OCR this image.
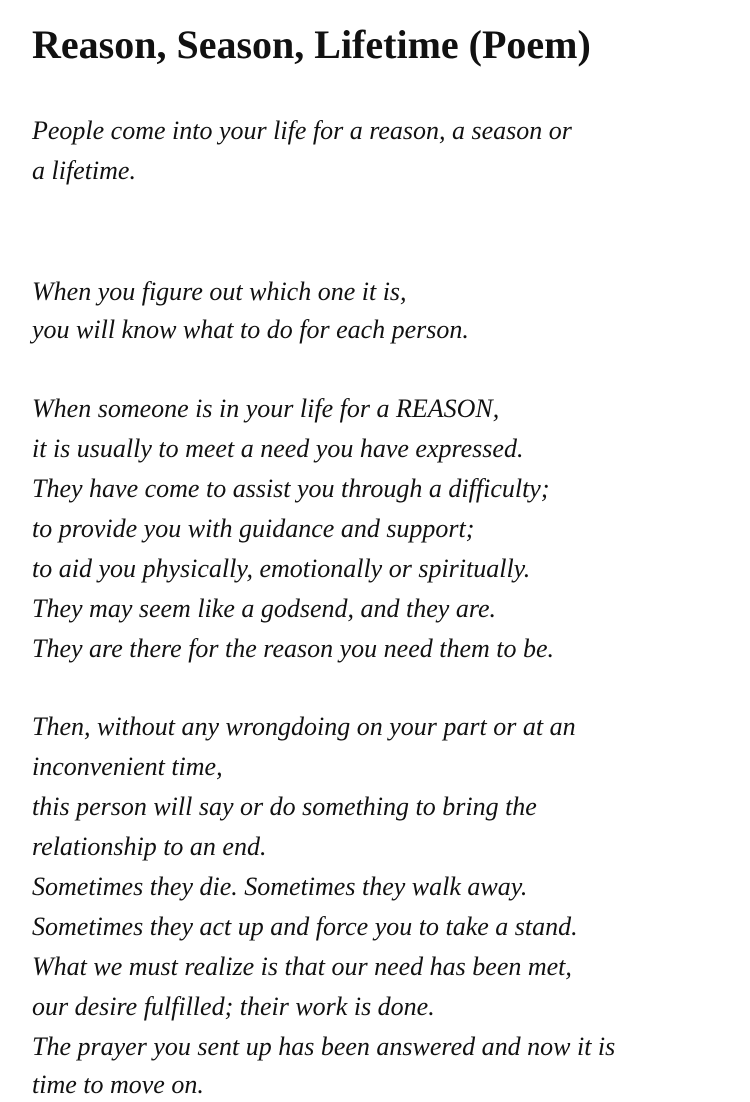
Reason, Season, Lifetime (Poem)

People come into your life for a reason, a season or

a lifetime.

When you figure out which one it is,

you will know what to do for each person.

When someone is in your life for a REASON,

it is usually to meet a need you have expressed.

They have come to assist you through a difficulty;

to provide you with guidance and support;

to aid you physically, emotionally or spiritually.

They may seem like a godsend, and they are.

They are there for the reason you need them to be.

Then, without any wrongdoing on your part or at an

inconvenient time,

this person will say or do something to bring the

relationship to an end.

Sometimes they die. Sometimes they walk away.

Sometimes they act up and force you to take a stand.

What we must realize is that our need has been met,

our desire fulfilled; their work is done.

The prayer you sent up has been answered and now it is

time to move on.
